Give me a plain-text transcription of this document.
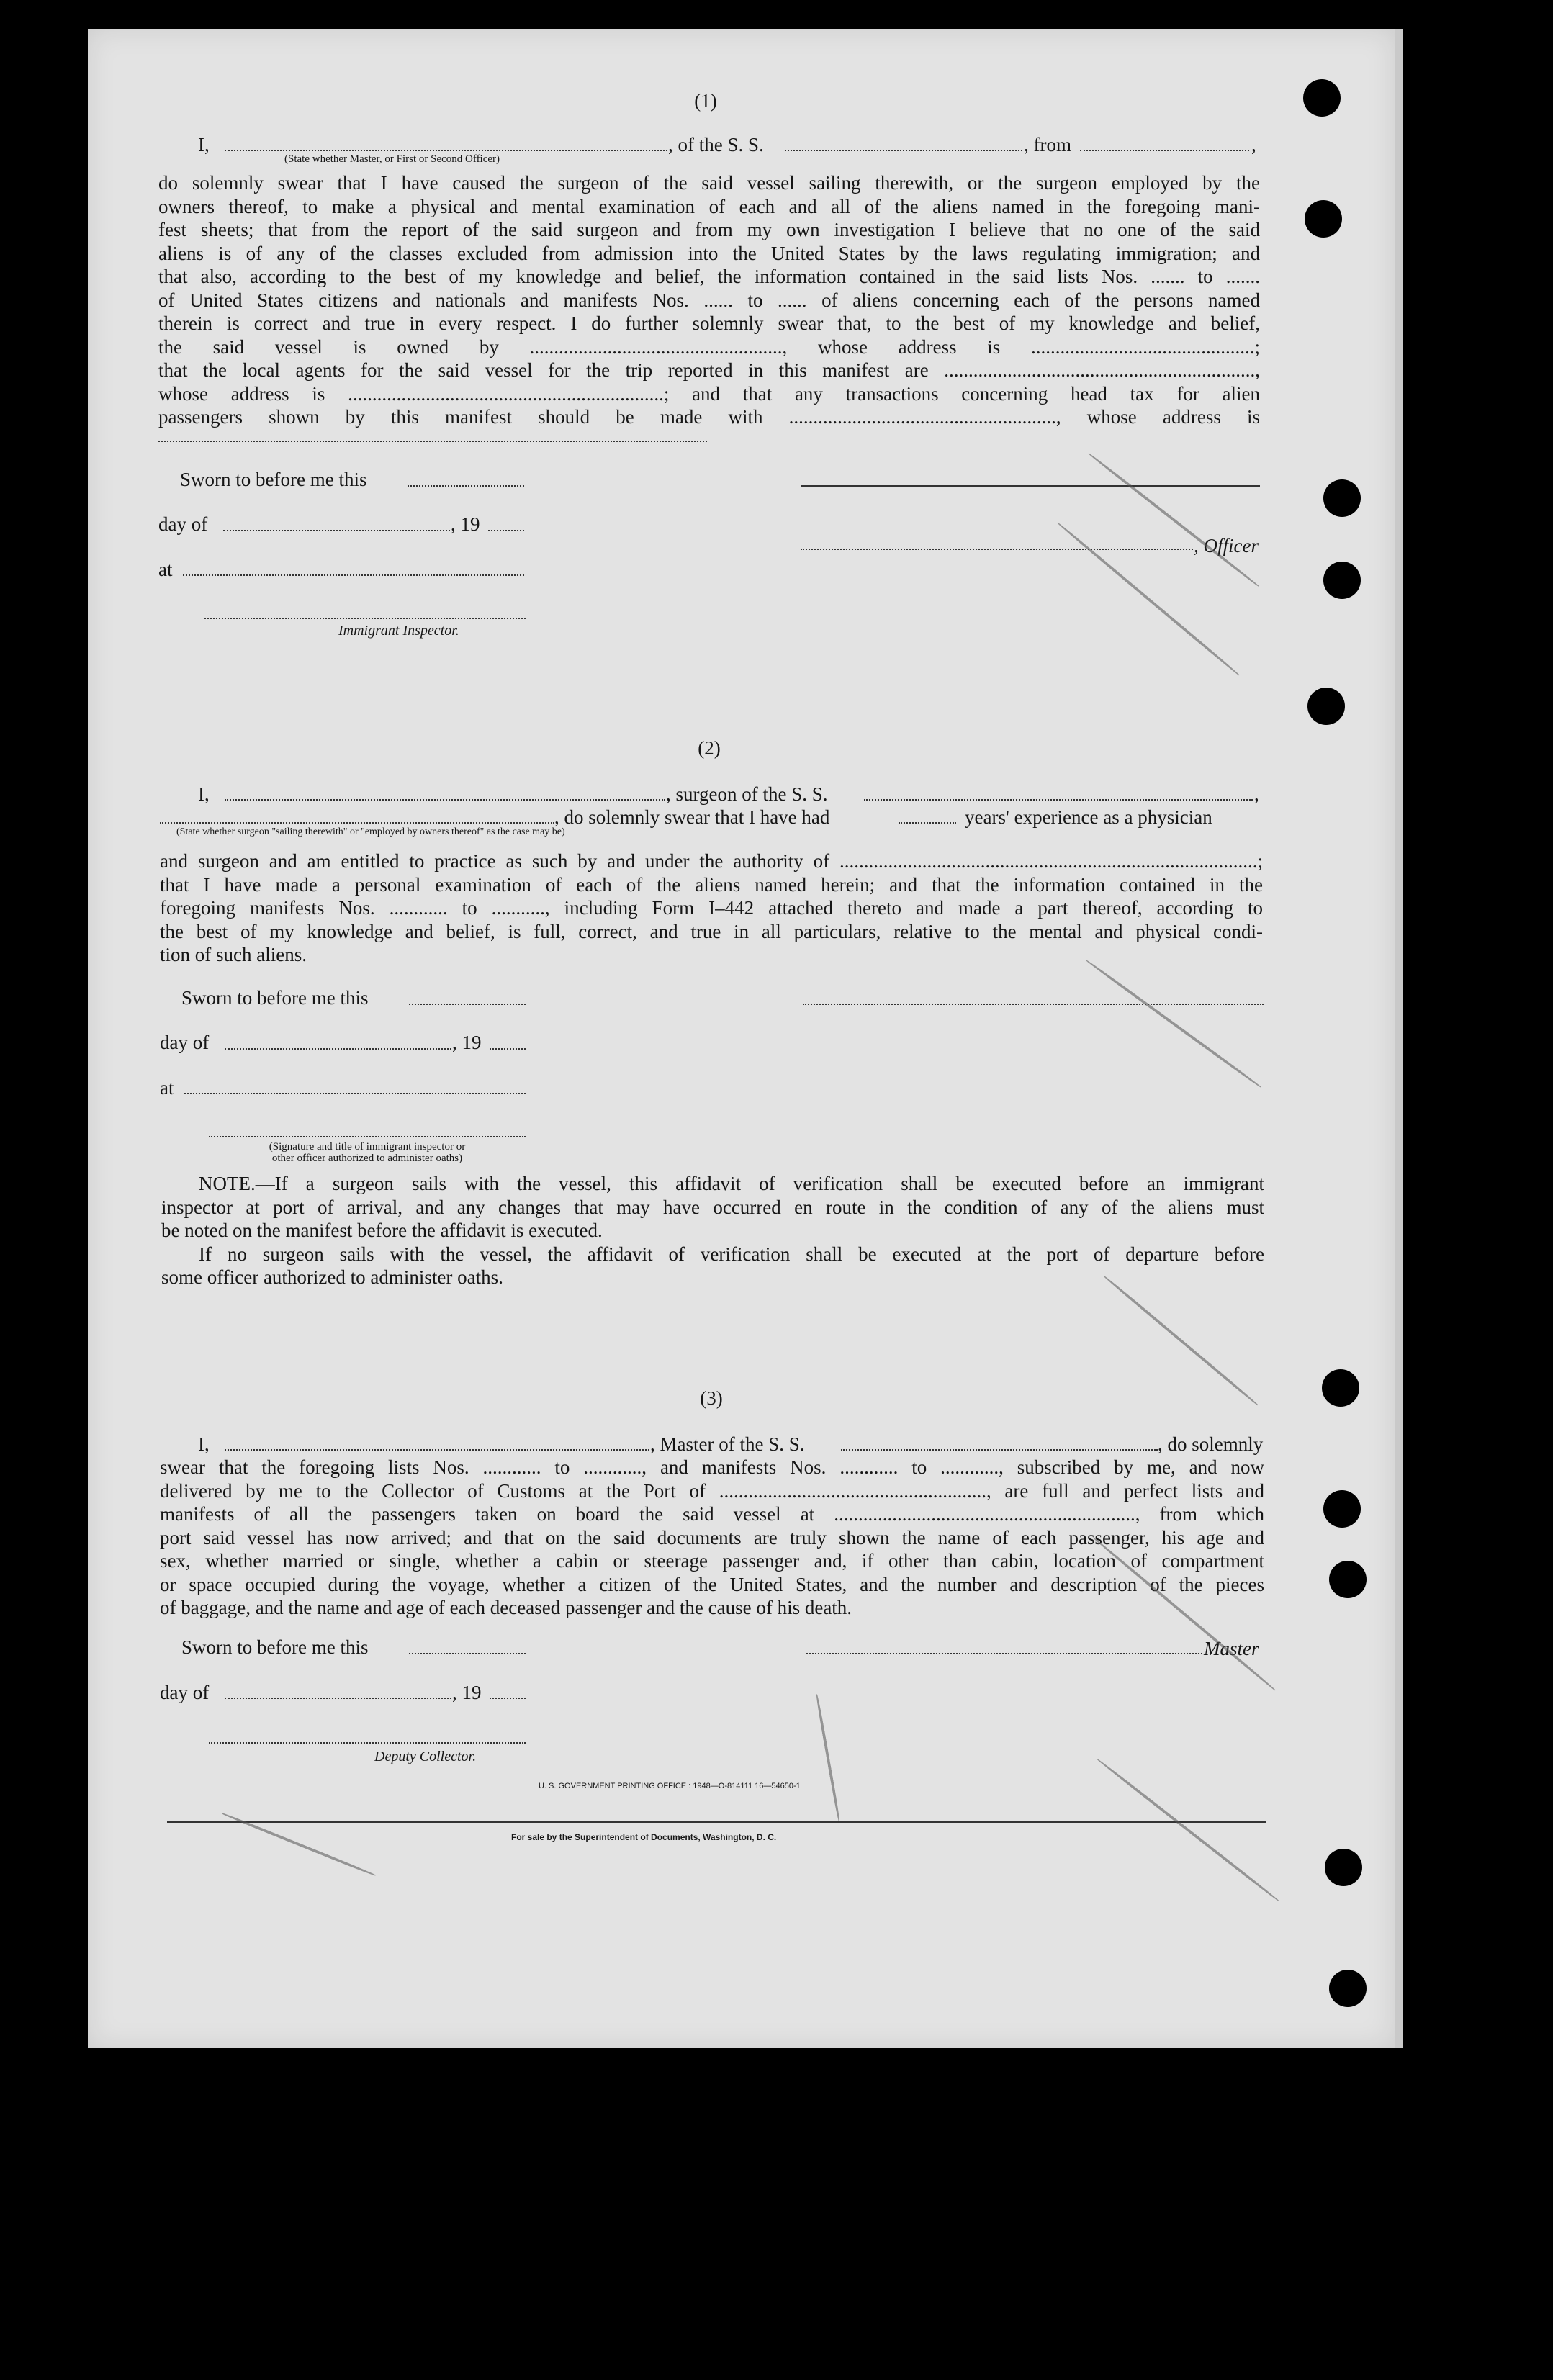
(1)
I,	, of the S. S.	, from	,
(State whether Master, or First or Second Officer)
do solemnly swear that I have caused the surgeon of the said vessel sailing therewith, or the surgeon employed by the
owners thereof, to make a physical and mental examination of each and all of the aliens named in the foregoing mani-
fest sheets; that from the report of the said surgeon and from my own investigation I believe that no one of the said
aliens is of any of the classes excluded from admission into the United States by the laws regulating immigration; and
that also, according to the best of my knowledge and belief, the information contained in the said lists Nos. ....... to .......
of United States citizens and nationals and manifests Nos. ...... to ...... of aliens concerning each of the persons named
therein is correct and true in every respect. I do further solemnly swear that, to the best of my knowledge and belief,
the said vessel is owned by ...................................................., whose address is ..............................................;
that the local agents for the said vessel for the trip reported in this manifest are ................................................................,
whose address is .................................................................; and that any transactions concerning head tax for alien
passengers shown by this manifest should be made with ......................................................., whose address is
Sworn to before me this
day of	, 19
, Officer
at
Immigrant Inspector.
(2)
I,	, surgeon of the S. S.	,
, do solemnly swear that I have had	years' experience as a physician
(State whether surgeon "sailing therewith" or "employed by owners thereof" as the case may be)
and surgeon and am entitled to practice as such by and under the authority of ......................................................................................;
that I have made a personal examination of each of the aliens named herein; and that the information contained in the
foregoing manifests Nos. ............ to ..........., including Form I–442 attached thereto and made a part thereof, according to
the best of my knowledge and belief, is full, correct, and true in all particulars, relative to the mental and physical condi-
tion of such aliens.
Sworn to before me this
day of	, 19
at
(Signature and title of immigrant inspector or
other officer authorized to administer oaths)
NOTE.—If a surgeon sails with the vessel, this affidavit of verification shall be executed before an immigrant
inspector at port of arrival, and any changes that may have occurred en route in the condition of any of the aliens must
be noted on the manifest before the affidavit is executed.
If no surgeon sails with the vessel, the affidavit of verification shall be executed at the port of departure before
some officer authorized to administer oaths.
(3)
I,	, Master of the S. S.	, do solemnly
swear that the foregoing lists Nos. ............ to ............, and manifests Nos. ............ to ............, subscribed by me, and now
delivered by me to the Collector of Customs at the Port of ......................................................., are full and perfect lists and
manifests of all the passengers taken on board the said vessel at .............................................................., from which
port said vessel has now arrived; and that on the said documents are truly shown the name of each passenger, his age and
sex, whether married or single, whether a cabin or steerage passenger and, if other than cabin, location of compartment
or space occupied during the voyage, whether a citizen of the United States, and the number and description of the pieces
of baggage, and the name and age of each deceased passenger and the cause of his death.
Sworn to before me this	Master
day of	, 19
Deputy Collector.
U. S. GOVERNMENT PRINTING OFFICE : 1948—O-814111 16—54650-1
For sale by the Superintendent of Documents, Washington, D. C.
